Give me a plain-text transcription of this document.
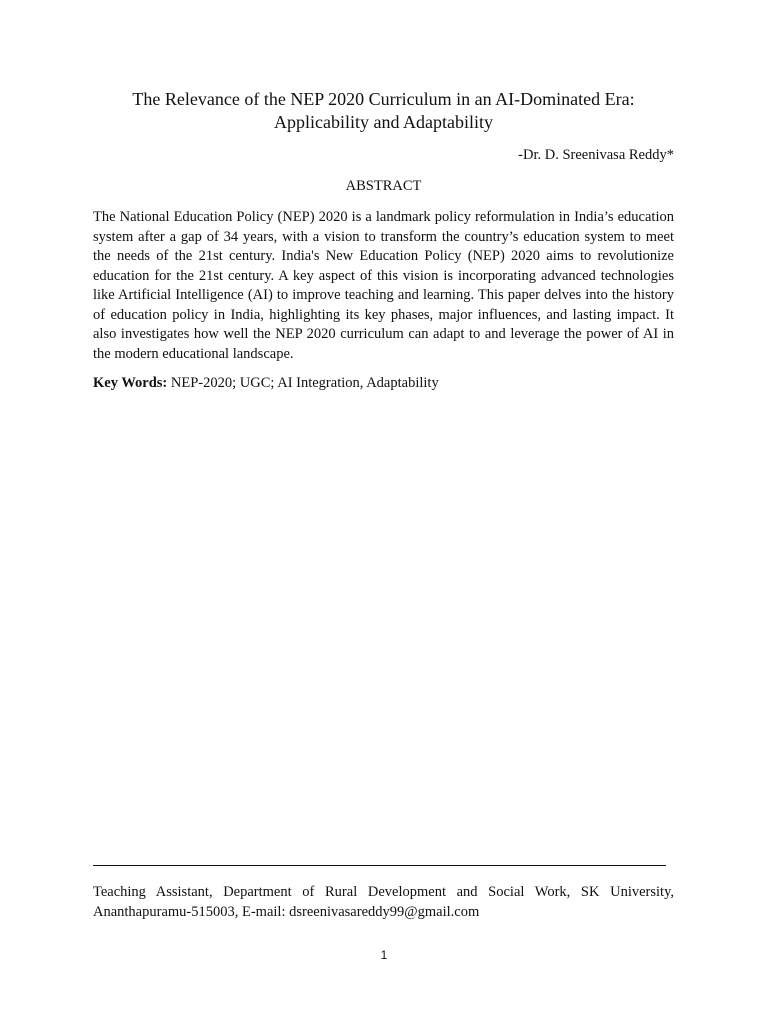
The Relevance of the NEP 2020 Curriculum in an AI-Dominated Era:
Applicability and Adaptability
-Dr. D. Sreenivasa Reddy*
ABSTRACT

The National Education Policy (NEP) 2020 is a landmark policy reformulation in India’s education system after a gap of 34 years, with a vision to transform the country’s education system to meet the needs of the 21st century. India's New Education Policy (NEP) 2020 aims to revolutionize education for the 21st century. A key aspect of this vision is incorporating advanced technologies like Artificial Intelligence (AI) to improve teaching and learning. This paper delves into the history of education policy in India, highlighting its key phases, major influences, and lasting impact. It also investigates how well the NEP 2020 curriculum can adapt to and leverage the power of AI in the modern educational landscape.

Key Words: NEP-2020; UGC; AI Integration, Adaptability

Teaching Assistant, Department of Rural Development and Social Work, SK University, Ananthapuramu-515003, E-mail: dsreenivasareddy99@gmail.com

1
